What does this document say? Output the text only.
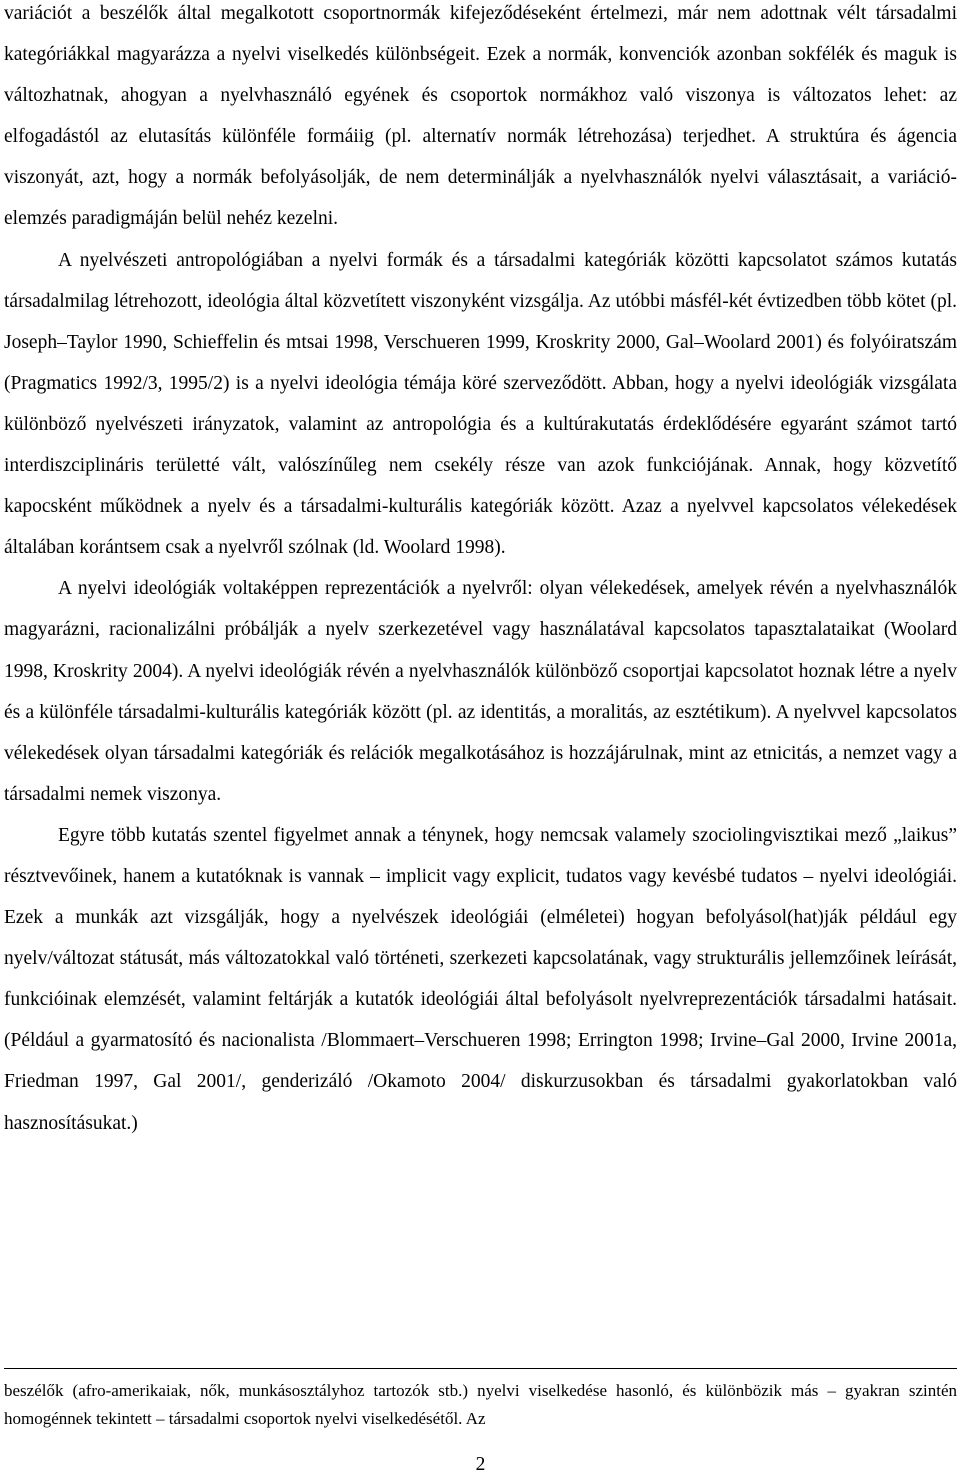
variációt a beszélők által megalkotott csoportnormák kifejeződéseként értelmezi, már nem adottnak vélt társadalmi kategóriákkal magyarázza a nyelvi viselkedés különbségeit. Ezek a normák, konvenciók azonban sokfélék és maguk is változhatnak, ahogyan a nyelvhasználó egyének és csoportok normákhoz való viszonya is változatos lehet: az elfogadástól az elutasítás különféle formáiig (pl. alternatív normák létrehozása) terjedhet. A struktúra és ágencia viszonyát, azt, hogy a normák befolyásolják, de nem determinálják a nyelvhasználók nyelvi választásait, a variáció-elemzés paradigmáján belül nehéz kezelni.

A nyelvészeti antropológiában a nyelvi formák és a társadalmi kategóriák közötti kapcsolatot számos kutatás társadalmilag létrehozott, ideológia által közvetített viszonyként vizsgálja. Az utóbbi másfél-két évtizedben több kötet (pl. Joseph–Taylor 1990, Schieffelin és mtsai 1998, Verschueren 1999, Kroskrity 2000, Gal–Woolard 2001) és folyóiratszám (Pragmatics 1992/3, 1995/2) is a nyelvi ideológia témája köré szerveződött. Abban, hogy a nyelvi ideológiák vizsgálata különböző nyelvészeti irányzatok, valamint az antropológia és a kultúrakutatás érdeklődésére egyaránt számot tartó interdiszciplináris területté vált, valószínűleg nem csekély része van azok funkciójának. Annak, hogy közvetítő kapocsként működnek a nyelv és a társadalmi-kulturális kategóriák között. Azaz a nyelvvel kapcsolatos vélekedések általában korántsem csak a nyelvről szólnak (ld. Woolard 1998).

A nyelvi ideológiák voltaképpen reprezentációk a nyelvről: olyan vélekedések, amelyek révén a nyelvhasználók magyarázni, racionalizálni próbálják a nyelv szerkezetével vagy használatával kapcsolatos tapasztalataikat (Woolard 1998, Kroskrity 2004). A nyelvi ideológiák révén a nyelvhasználók különböző csoportjai kapcsolatot hoznak létre a nyelv és a különféle társadalmi-kulturális kategóriák között (pl. az identitás, a moralitás, az esztétikum). A nyelvvel kapcsolatos vélekedések olyan társadalmi kategóriák és relációk megalkotásához is hozzájárulnak, mint az etnicitás, a nemzet vagy a társadalmi nemek viszonya.

Egyre több kutatás szentel figyelmet annak a ténynek, hogy nemcsak valamely szociolingvisztikai mező „laikus” résztvevőinek, hanem a kutatóknak is vannak – implicit vagy explicit, tudatos vagy kevésbé tudatos – nyelvi ideológiái. Ezek a munkák azt vizsgálják, hogy a nyelvészek ideológiái (elméletei) hogyan befolyásol(hat)ják például egy nyelv/változat státusát, más változatokkal való történeti, szerkezeti kapcsolatának, vagy strukturális jellemzőinek leírását, funkcióinak elemzését, valamint feltárják a kutatók ideológiái által befolyásolt nyelvreprezentációk társadalmi hatásait. (Például a gyarmatosító és nacionalista /Blommaert–Verschueren 1998; Errington 1998; Irvine–Gal 2000, Irvine 2001a, Friedman 1997, Gal 2001/, genderizáló /Okamoto 2004/ diskurzusokban és társadalmi gyakorlatokban való hasznosításukat.)

beszélők (afro-amerikaiak, nők, munkásosztályhoz tartozók stb.) nyelvi viselkedése hasonló, és különbözik más – gyakran szintén homogénnek tekintett – társadalmi csoportok nyelvi viselkedésétől. Az

2
